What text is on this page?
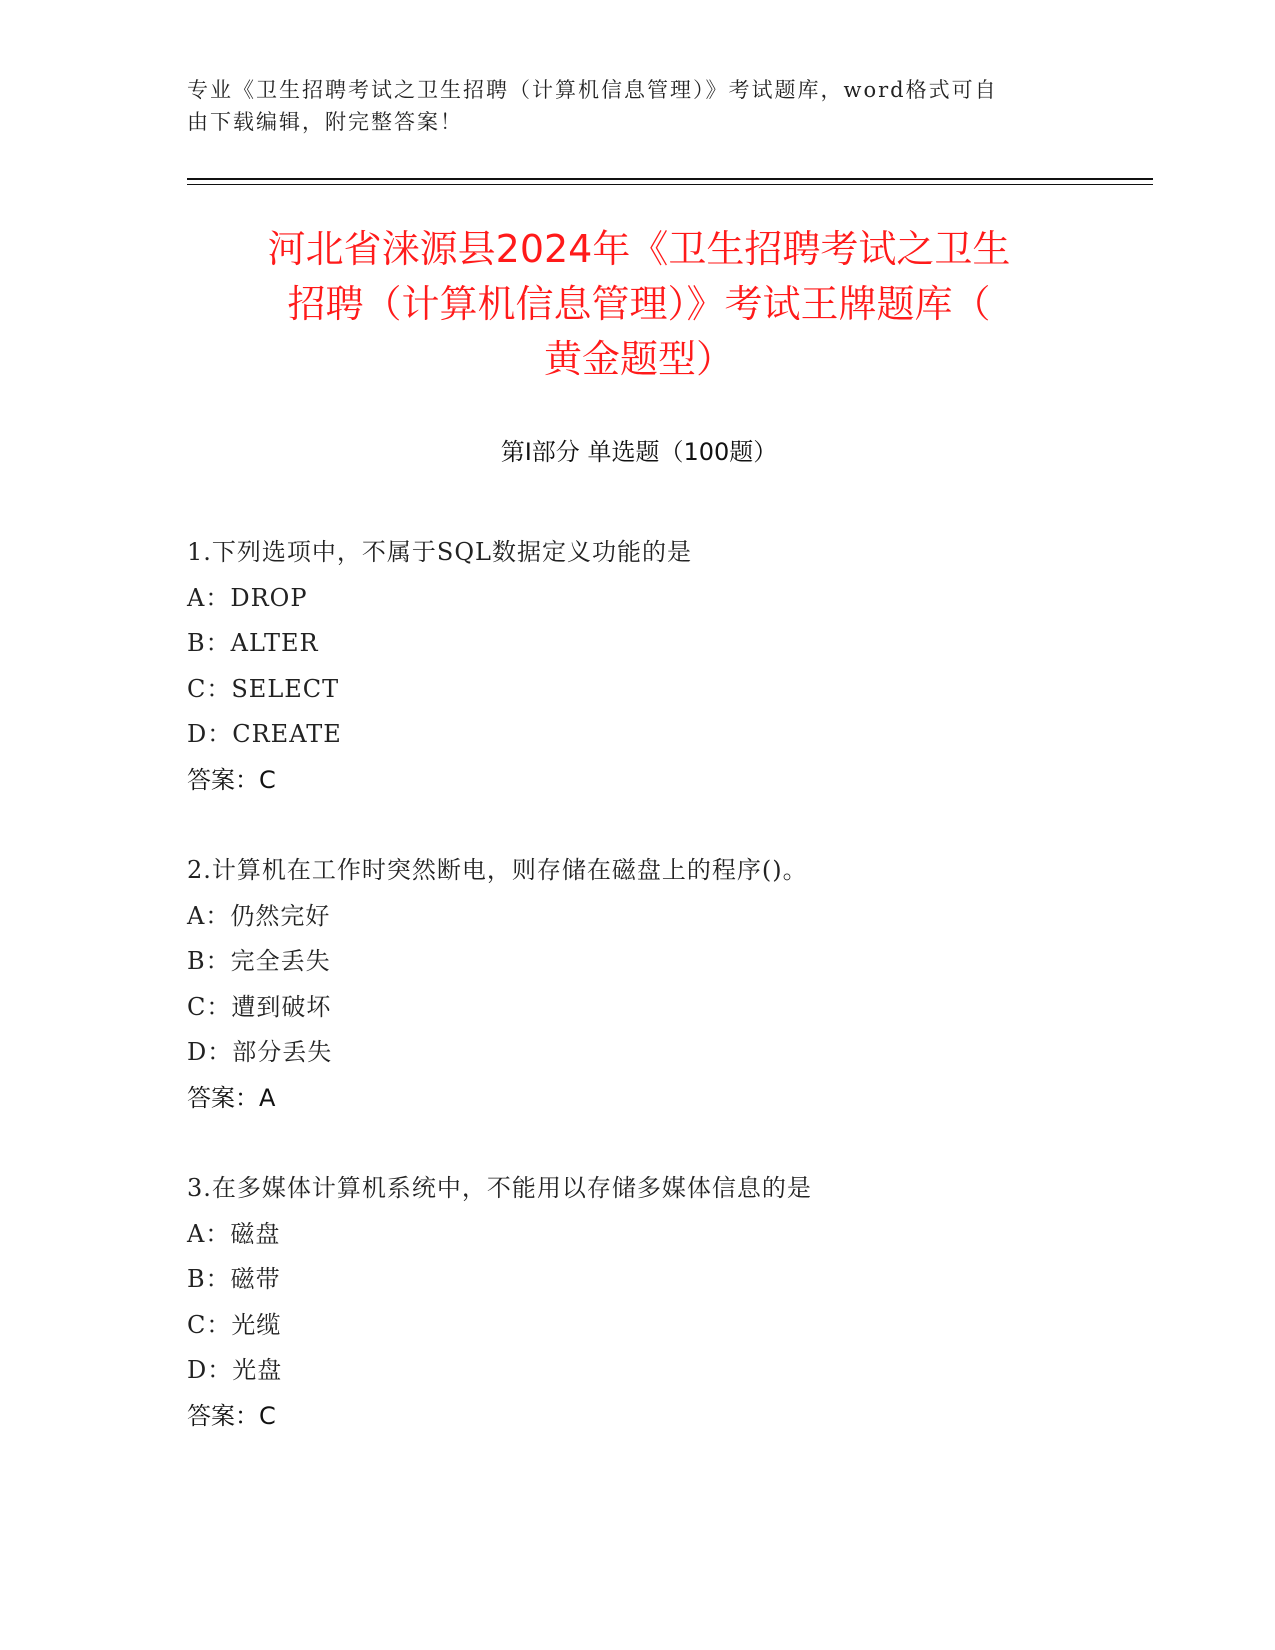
专业《卫生招聘考试之卫生招聘（计算机信息管理）》考试题库，word格式可自
由下载编辑，附完整答案！
河北省涞源县2024年《卫生招聘考试之卫生
招聘（计算机信息管理）》考试王牌题库（
黄金题型）
第Ⅰ部分 单选题（100题）
1.下列选项中，不属于SQL数据定义功能的是
A：DROP
B：ALTER
C：SELECT
D：CREATE
答案：C
2.计算机在工作时突然断电，则存储在磁盘上的程序()。
A：仍然完好
B：完全丢失
C：遭到破坏
D：部分丢失
答案：A
3.在多媒体计算机系统中，不能用以存储多媒体信息的是
A：磁盘
B：磁带
C：光缆
D：光盘
答案：C
